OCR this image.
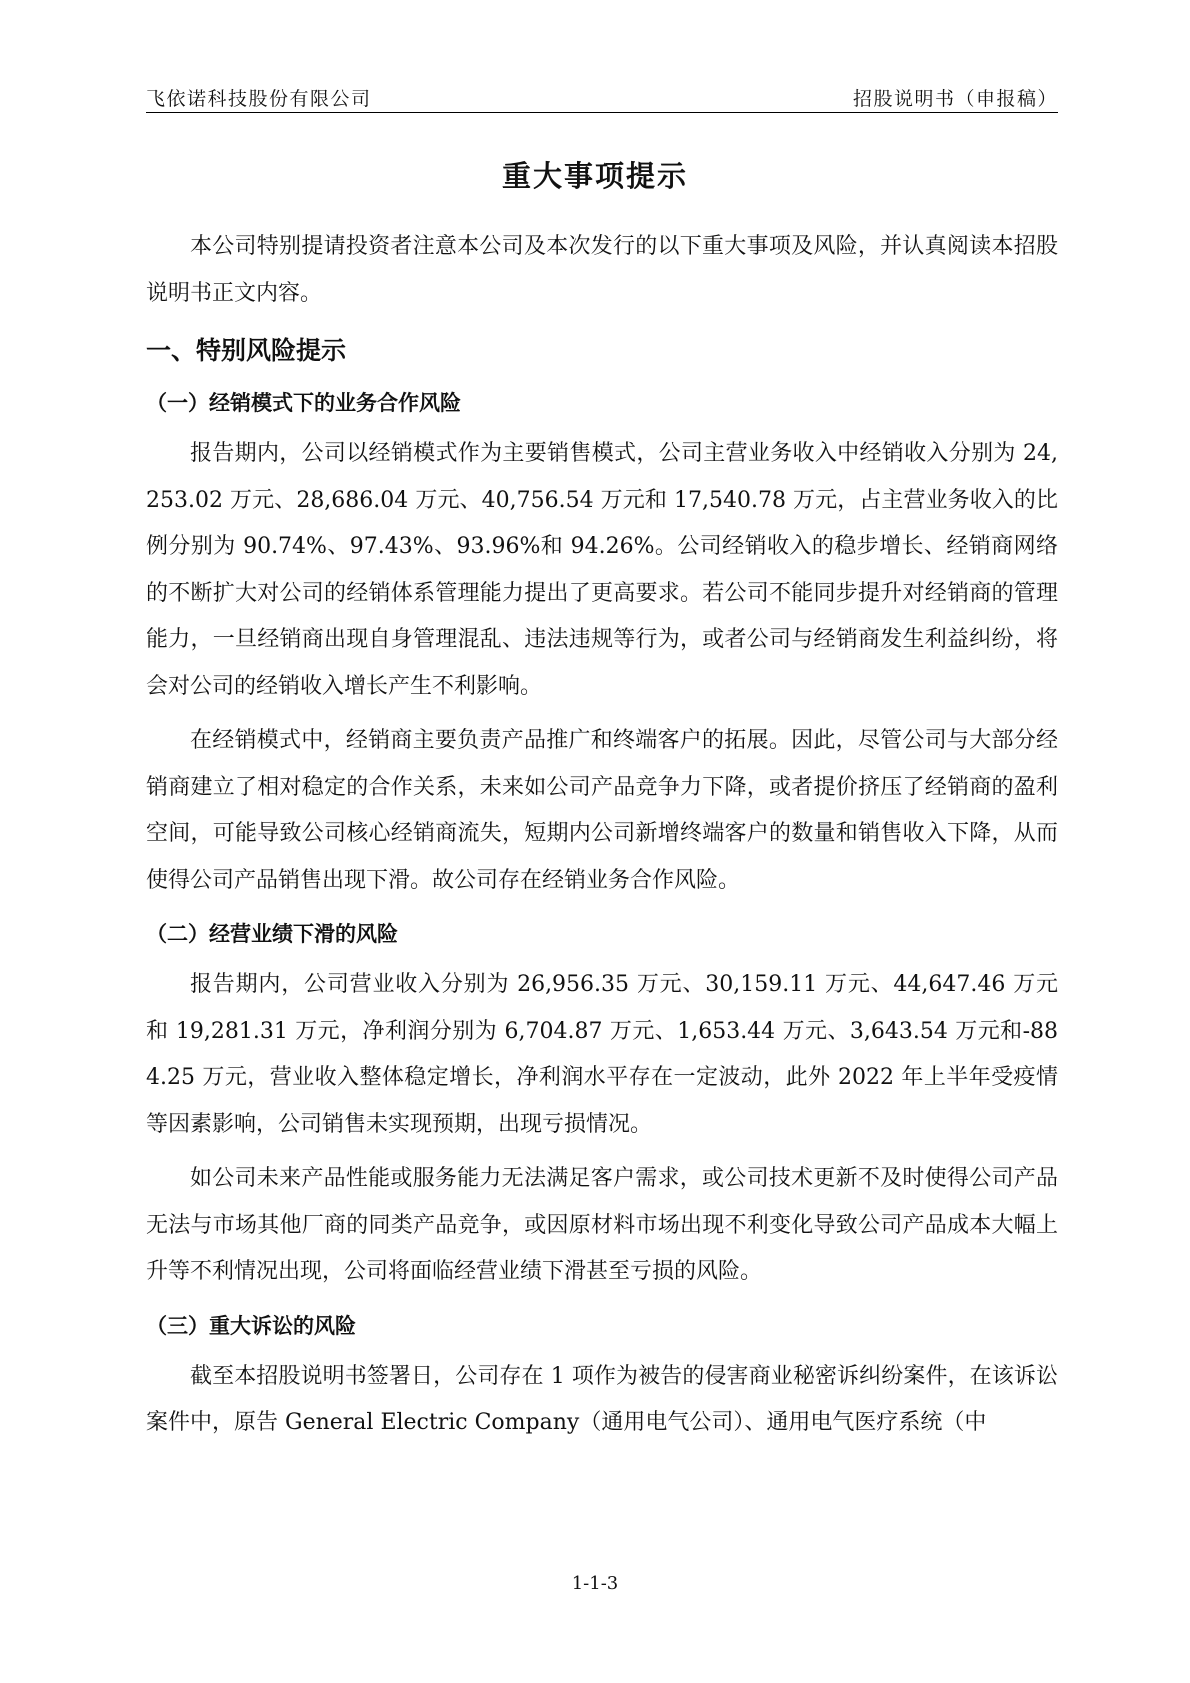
飞依诺科技股份有限公司	招股说明书（申报稿）
重大事项提示

本公司特别提请投资者注意本公司及本次发行的以下重大事项及风险，并认真阅读本招股说明书正文内容。

一、特别风险提示
（一）经销模式下的业务合作风险

报告期内，公司以经销模式作为主要销售模式，公司主营业务收入中经销收入分别为 24,253.02 万元、28,686.04 万元、40,756.54 万元和 17,540.78 万元，占主营业务收入的比例分别为 90.74%、97.43%、93.96%和 94.26%。公司经销收入的稳步增长、经销商网络的不断扩大对公司的经销体系管理能力提出了更高要求。若公司不能同步提升对经销商的管理能力，一旦经销商出现自身管理混乱、违法违规等行为，或者公司与经销商发生利益纠纷，将会对公司的经销收入增长产生不利影响。

在经销模式中，经销商主要负责产品推广和终端客户的拓展。因此，尽管公司与大部分经销商建立了相对稳定的合作关系，未来如公司产品竞争力下降，或者提价挤压了经销商的盈利空间，可能导致公司核心经销商流失，短期内公司新增终端客户的数量和销售收入下降，从而使得公司产品销售出现下滑。故公司存在经销业务合作风险。

（二）经营业绩下滑的风险

报告期内，公司营业收入分别为 26,956.35 万元、30,159.11 万元、44,647.46 万元和 19,281.31 万元，净利润分别为 6,704.87 万元、1,653.44 万元、3,643.54 万元和-884.25 万元，营业收入整体稳定增长，净利润水平存在一定波动，此外 2022 年上半年受疫情等因素影响，公司销售未实现预期，出现亏损情况。

如公司未来产品性能或服务能力无法满足客户需求，或公司技术更新不及时使得公司产品无法与市场其他厂商的同类产品竞争，或因原材料市场出现不利变化导致公司产品成本大幅上升等不利情况出现，公司将面临经营业绩下滑甚至亏损的风险。

（三）重大诉讼的风险

截至本招股说明书签署日，公司存在 1 项作为被告的侵害商业秘密诉纠纷案件，在该诉讼案件中，原告 General Electric Company（通用电气公司）、通用电气医疗系统（中

1-1-3
